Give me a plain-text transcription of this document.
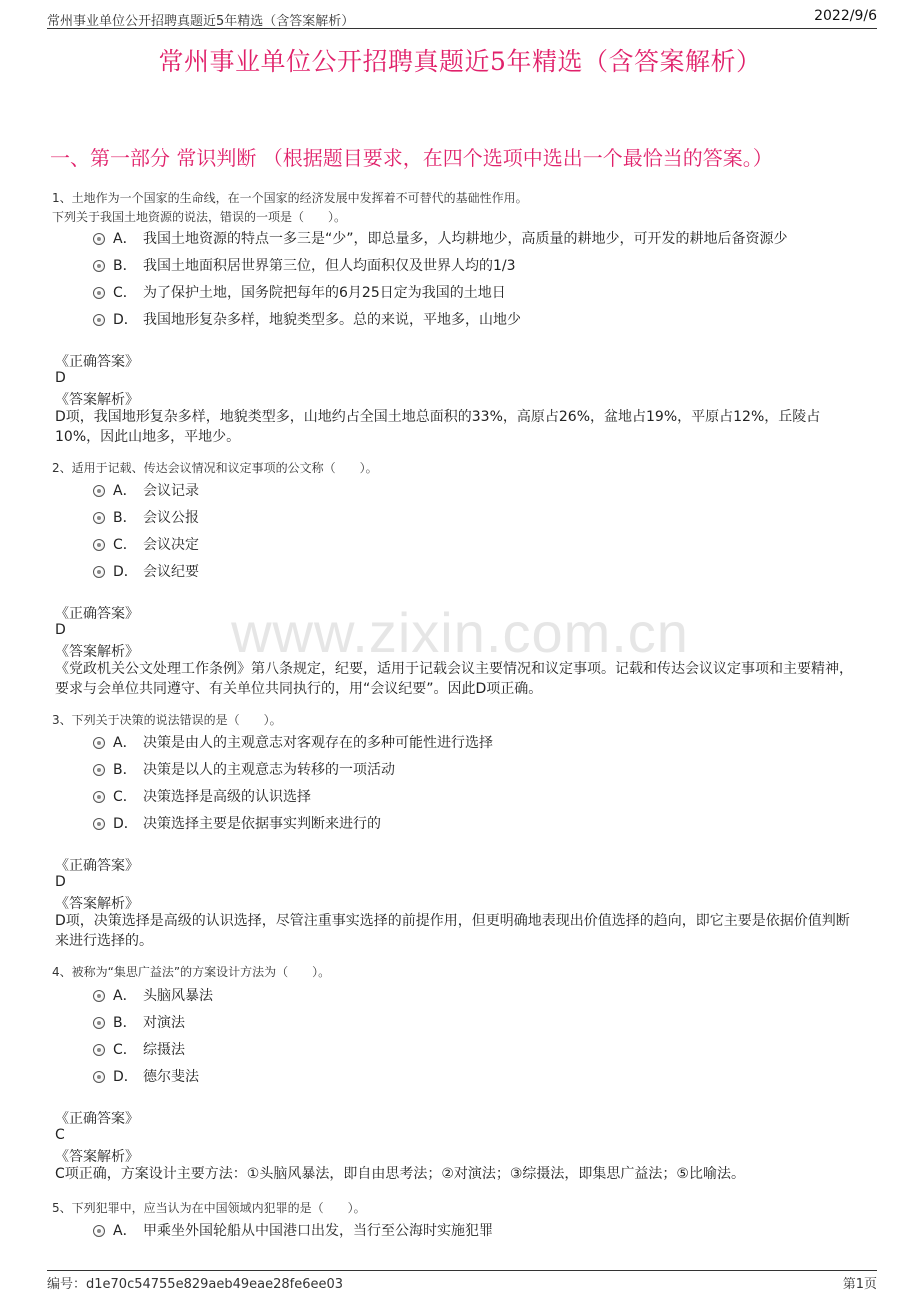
常州事业单位公开招聘真题近5年精选（含答案解析）	2022/9/6
常州事业单位公开招聘真题近5年精选（含答案解析）
一、第一部分 常识判断 （根据题目要求，在四个选项中选出一个最恰当的答案。）
www.zixin.com.cn
1、土地作为一个国家的生命线，在一个国家的经济发展中发挥着不可替代的基础性作用。
下列关于我国土地资源的说法，错误的一项是（　　）。
A． 我国土地资源的特点一多三是“少”，即总量多，人均耕地少，高质量的耕地少，可开发的耕地后备资源少
B． 我国土地面积居世界第三位，但人均面积仅及世界人均的1/3
C． 为了保护土地，国务院把每年的6月25日定为我国的土地日
D． 我国地形复杂多样，地貌类型多。总的来说，平地多，山地少
《正确答案》
D
《答案解析》
D项，我国地形复杂多样，地貌类型多，山地约占全国土地总面积的33%，高原占26%，盆地占19%，平原占12%，丘陵占10%，因此山地多，平地少。
2、适用于记载、传达会议情况和议定事项的公文称（　　）。
A． 会议记录
B． 会议公报
C． 会议决定
D． 会议纪要
《正确答案》
D
《答案解析》
《党政机关公文处理工作条例》第八条规定，纪要，适用于记载会议主要情况和议定事项。记载和传达会议议定事项和主要精神，要求与会单位共同遵守、有关单位共同执行的，用“会议纪要”。因此D项正确。
3、下列关于决策的说法错误的是（　　）。
A． 决策是由人的主观意志对客观存在的多种可能性进行选择
B． 决策是以人的主观意志为转移的一项活动
C． 决策选择是高级的认识选择
D． 决策选择主要是依据事实判断来进行的
《正确答案》
D
《答案解析》
D项，决策选择是高级的认识选择，尽管注重事实选择的前提作用，但更明确地表现出价值选择的趋向，即它主要是依据价值判断来进行选择的。
4、被称为“集思广益法”的方案设计方法为（　　）。
A． 头脑风暴法
B． 对演法
C． 综摄法
D． 德尔斐法
《正确答案》
C
《答案解析》
C项正确，方案设计主要方法：①头脑风暴法，即自由思考法；②对演法；③综摄法，即集思广益法；⑤比喻法。
5、下列犯罪中，应当认为在中国领域内犯罪的是（　　）。
A． 甲乘坐外国轮船从中国港口出发，当行至公海时实施犯罪
编号：d1e70c54755e829aeb49eae28fe6ee03	第1页
